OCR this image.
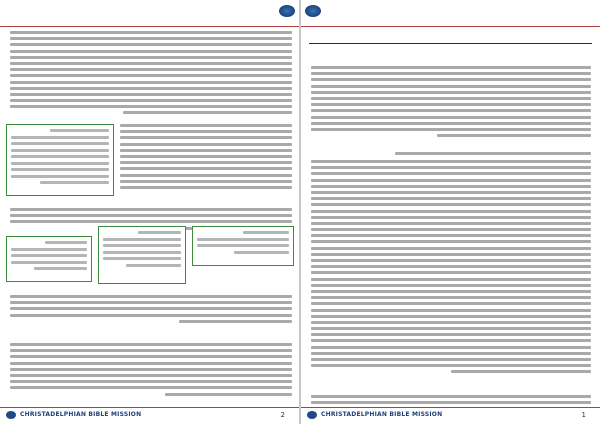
CHRISTADELPHIAN BIBLE MISSION	2	CHRISTADELPHIAN BIBLE MISSION	1
